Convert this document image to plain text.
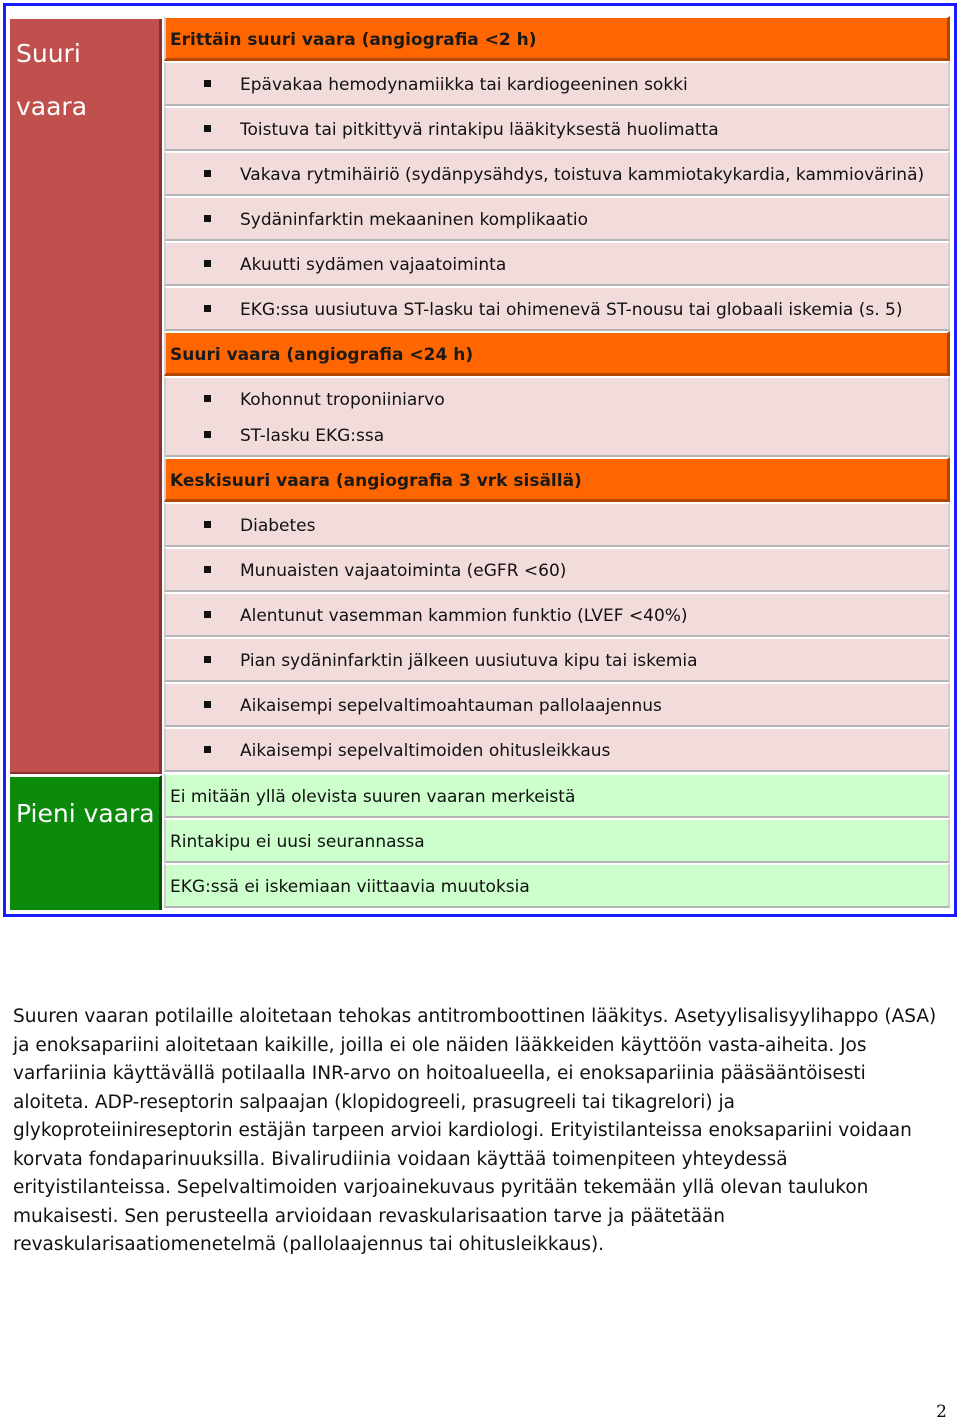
Suuri vaara
Pieni vaara
Erittäin suuri vaara (angiografia <2 h)
Epävakaa hemodynamiikka tai kardiogeeninen sokki
Toistuva tai pitkittyvä rintakipu lääkityksestä huolimatta
Vakava rytmihäiriö (sydänpysähdys, toistuva kammiotakykardia, kammiovärinä)
Sydäninfarktin mekaaninen komplikaatio
Akuutti sydämen vajaatoiminta
EKG:ssa uusiutuva ST-lasku tai ohimenevä ST-nousu tai globaali iskemia (s. 5)
Suuri vaara (angiografia <24 h)
Kohonnut troponiiniarvo
ST-lasku EKG:ssa
Keskisuuri vaara (angiografia 3 vrk sisällä)
Diabetes
Munuaisten vajaatoiminta (eGFR <60)
Alentunut vasemman kammion funktio (LVEF <40%)
Pian sydäninfarktin jälkeen uusiutuva kipu tai iskemia
Aikaisempi sepelvaltimoahtauman pallolaajennus
Aikaisempi sepelvaltimoiden ohitusleikkaus
Ei mitään yllä olevista suuren vaaran merkeistä
Rintakipu ei uusi seurannassa
EKG:ssä ei iskemiaan viittaavia muutoksia

Suuren vaaran potilaille aloitetaan tehokas antitromboottinen lääkitys. Asetyylisalisyylihappo (ASA) ja enoksapariini aloitetaan kaikille, joilla ei ole näiden lääkkeiden käyttöön vasta-aiheita. Jos varfariinia käyttävällä potilaalla INR-arvo on hoitoalueella, ei enoksapariinia pääsääntöisesti aloiteta. ADP-reseptorin salpaajan (klopidogreeli, prasugreeli tai tikagrelori) ja glykoproteiinireseptorin estäjän tarpeen arvioi kardiologi. Erityistilanteissa enoksapariini voidaan korvata fondaparinuuksilla. Bivalirudiinia voidaan käyttää toimenpiteen yhteydessä erityistilanteissa. Sepelvaltimoiden varjoainekuvaus pyritään tekemään yllä olevan taulukon mukaisesti. Sen perusteella arvioidaan revaskularisaation tarve ja päätetään revaskularisaatiomenetelmä (pallolaajennus tai ohitusleikkaus).

2
